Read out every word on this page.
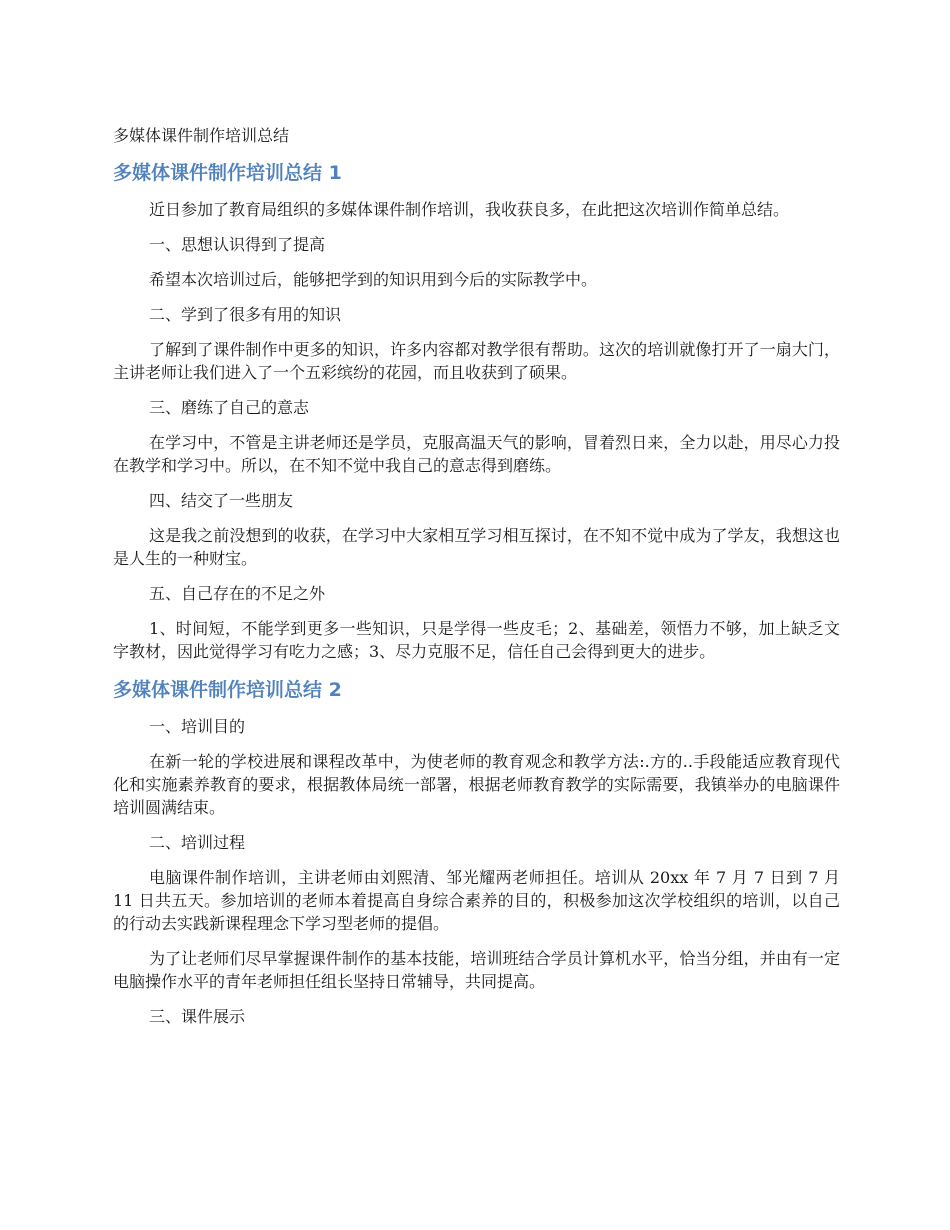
多媒体课件制作培训总结
多媒体课件制作培训总结 1

近日参加了教育局组织的多媒体课件制作培训，我收获良多，在此把这次培训作简单总结。

一、思想认识得到了提高

希望本次培训过后，能够把学到的知识用到今后的实际教学中。

二、学到了很多有用的知识

了解到了课件制作中更多的知识，许多内容都对教学很有帮助。这次的培训就像打开了一扇大门，主讲老师让我们进入了一个五彩缤纷的花园，而且收获到了硕果。

三、磨练了自己的意志

在学习中，不管是主讲老师还是学员，克服高温天气的影响，冒着烈日来，全力以赴，用尽心力投在教学和学习中。所以，在不知不觉中我自己的意志得到磨练。

四、结交了一些朋友

这是我之前没想到的收获，在学习中大家相互学习相互探讨，在不知不觉中成为了学友，我想这也是人生的一种财宝。

五、自己存在的不足之外

1、时间短，不能学到更多一些知识，只是学得一些皮毛；2、基础差，领悟力不够，加上缺乏文字教材，因此觉得学习有吃力之感；3、尽力克服不足，信任自己会得到更大的进步。

多媒体课件制作培训总结 2

一、培训目的

在新一轮的学校进展和课程改革中，为使老师的教育观念和教学方法:.方的..手段能适应教育现代化和实施素养教育的要求，根据教体局统一部署，根据老师教育教学的实际需要，我镇举办的电脑课件培训圆满结束。

二、培训过程

电脑课件制作培训，主讲老师由刘熙清、邹光耀两老师担任。培训从 20xx 年 7 月 7 日到 7 月 11 日共五天。参加培训的老师本着提高自身综合素养的目的，积极参加这次学校组织的培训，以自己的行动去实践新课程理念下学习型老师的提倡。

为了让老师们尽早掌握课件制作的基本技能，培训班结合学员计算机水平，恰当分组，并由有一定电脑操作水平的青年老师担任组长坚持日常辅导，共同提高。

三、课件展示
